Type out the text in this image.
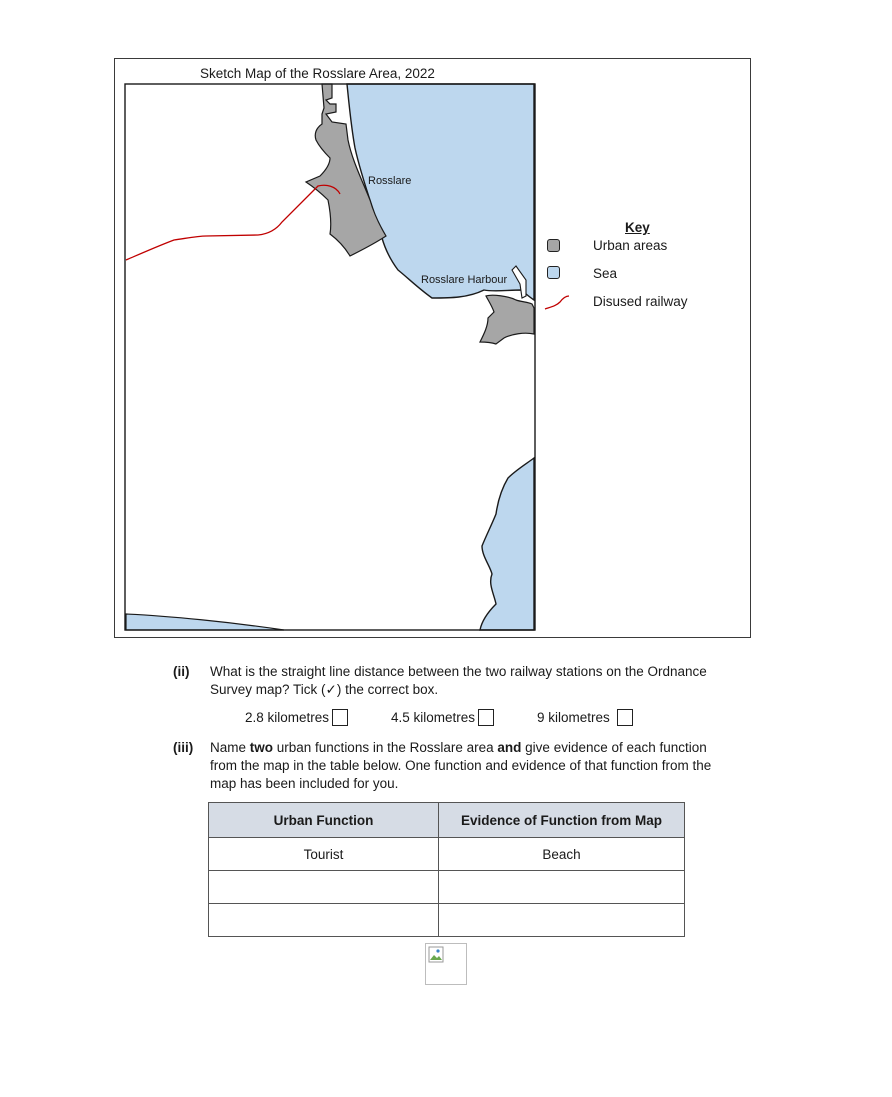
Sketch Map of the Rosslare Area, 2022
Rosslare
Rosslare Harbour
Key
Urban areas
Sea
Disused railway
(ii) What is the straight line distance between the two railway stations on the Ordnance
Survey map? Tick (✓) the correct box.
2.8 kilometres	4.5 kilometres	9 kilometres
(iii) Name two urban functions in the Rosslare area and give evidence of each function
from the map in the table below. One function and evidence of that function from the
map has been included for you.
Urban Function	Evidence of Function from Map
Tourist	Beach
